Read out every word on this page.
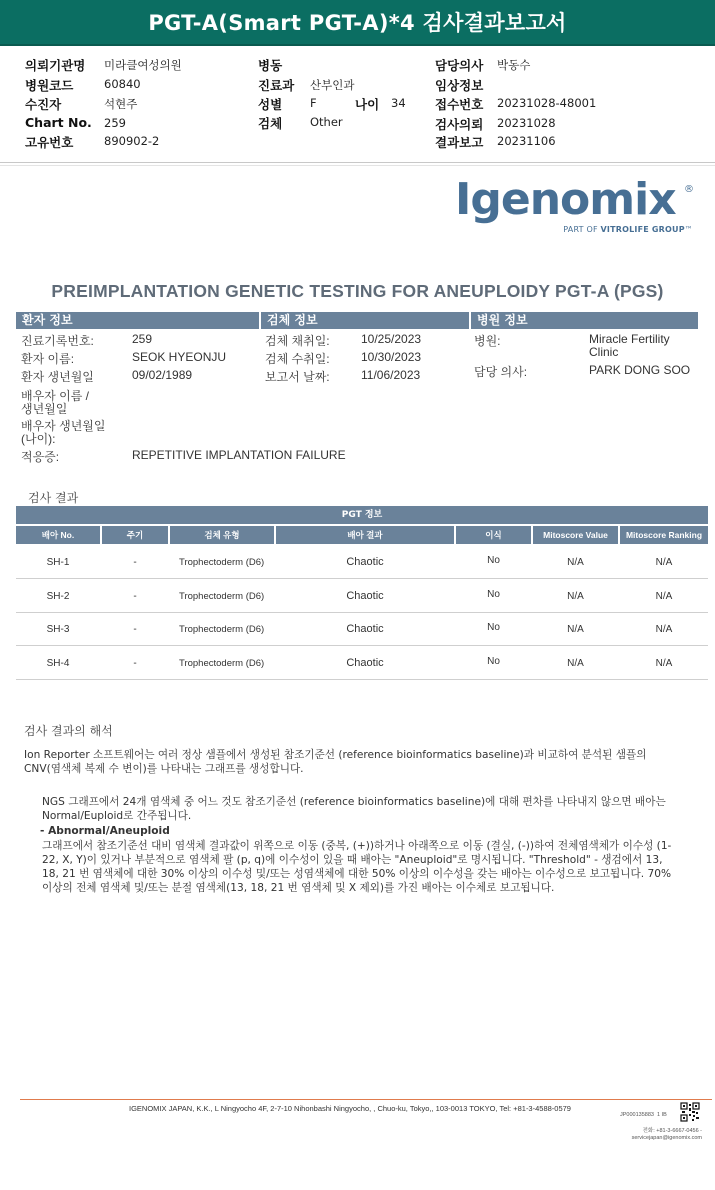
PGT-A(Smart PGT-A)*4 검사결과보고서
의뢰기관명 미라클여성의원
병원코드	60840
수진자	석현주
Chart No. 259
고유번호	890902-2
병동
진료과 산부인과
성별 F	나이 34
검체 Other
담당의사 박동수
임상정보
접수번호 20231028-48001
검사의뢰 20231028
결과보고 20231106
Igenomix ®
PART OF VITROLIFE GROUP™
PREIMPLANTATION GENETIC TESTING FOR ANEUPLOIDY PGT-A (PGS)
환자 정보	검체 정보	병원 정보
진료기록번호:	259
환자 이름:	SEOK HYEONJU
환자 생년월일	09/02/1989
배우자 이름 /
생년월일
배우자 생년월일
(나이):
적응증:	REPETITIVE IMPLANTATION FAILURE
검체 채취일:	10/25/2023
검체 수취일:	10/30/2023
보고서 날짜:	11/06/2023
병원:	Miracle Fertility
Clinic
담당 의사:	PARK DONG SOO
검사 결과
PGT 정보
배아 No.	주기	검체 유형	배아 결과	이식	Mitoscore Value	Mitoscore Ranking
SH-1	-	Trophectoderm (D6)	Chaotic	No	N/A	N/A
SH-2	-	Trophectoderm (D6)	Chaotic	No	N/A	N/A
SH-3	-	Trophectoderm (D6)	Chaotic	No	N/A	N/A
SH-4	-	Trophectoderm (D6)	Chaotic	No	N/A	N/A
검사 결과의 해석
Ion Reporter 소프트웨어는 여러 정상 샘플에서 생성된 참조기준선 (reference bioinformatics baseline)과 비교하여 분석된 샘플의 CNV(염색체 복제 수 변이)를 나타내는 그래프를 생성합니다.
NGS 그래프에서 24개 염색체 중 어느 것도 참조기준선 (reference bioinformatics baseline)에 대해 편차를 나타내지 않으면 배아는 Normal/Euploid로 간주됩니다.
- Abnormal/Aneuploid
그래프에서 참조기준선 대비 염색체 결과값이 위쪽으로 이동 (중복, (+))하거나 아래쪽으로 이동 (결실, (-))하여 전체염색체가 이수성 (1-22, X, Y)이 있거나 부분적으로 염색체 팔 (p, q)에 이수성이 있을 때 배아는 "Aneuploid"로 명시됩니다. "Threshold" - 생검에서 13, 18, 21 번 염색체에 대한 30% 이상의 이수성 및/또는 성염색체에 대한 50% 이상의 이수성을 갖는 배아는 이수성으로 보고됩니다. 70% 이상의 전체 염색체 및/또는 분절 염색체(13, 18, 21 번 염색체 및 X 제외)를 가진 배아는 이수체로 보고됩니다.
IGENOMIX JAPAN, K.K., L Ningyocho 4F, 2-7-10 Nihonbashi Ningyocho, , Chuo-ku, Tokyo,, 103-0013 TOKYO, Tel: +81-3-4588-0579
JP000135883 1 IB
전화: +81-3-6667-0456 -
servicejapan@igenomix.com
